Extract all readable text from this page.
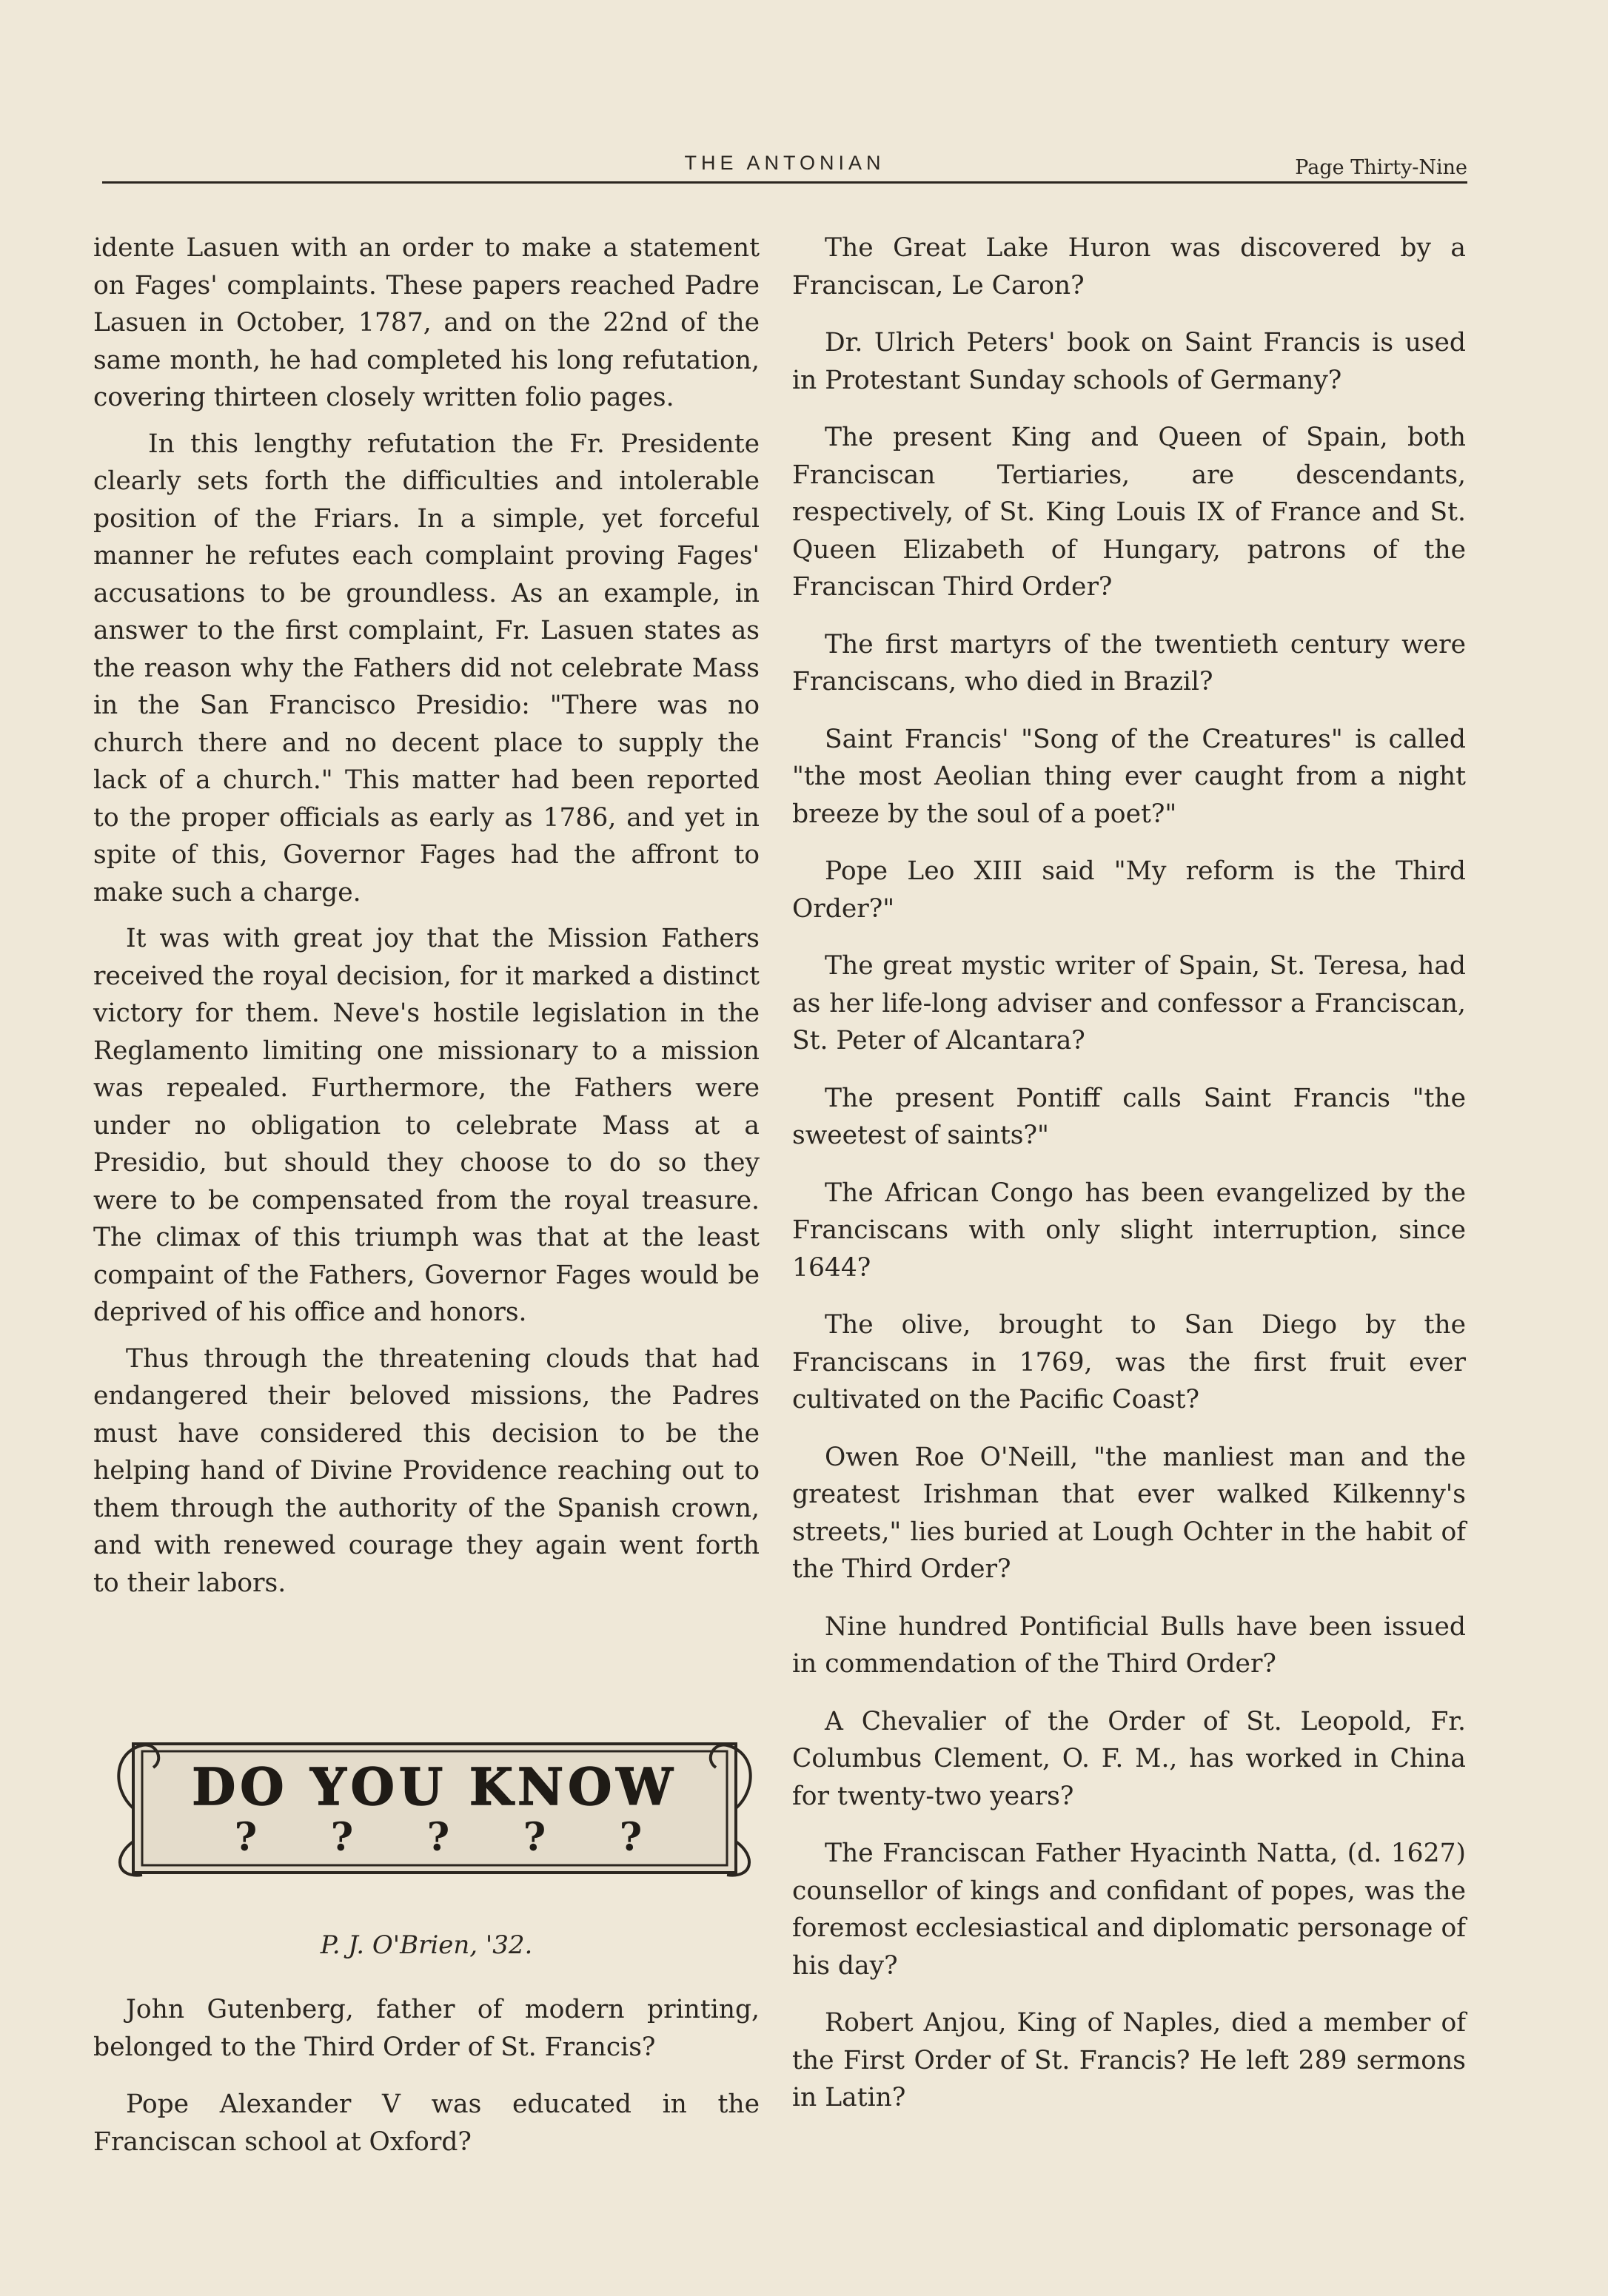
THE ANTONIAN	Page Thirty-Nine

idente Lasuen with an order to make a statement on Fages' complaints. These papers reached Padre Lasuen in October, 1787, and on the 22nd of the same month, he had completed his long refutation, covering thirteen closely written folio pages.

In this lengthy refutation the Fr. Presidente clearly sets forth the difficulties and intolerable position of the Friars. In a simple, yet forceful manner he refutes each complaint proving Fages' accusations to be groundless. As an example, in answer to the first complaint, Fr. Lasuen states as the reason why the Fathers did not celebrate Mass in the San Francisco Presidio: "There was no church there and no decent place to supply the lack of a church." This matter had been reported to the proper officials as early as 1786, and yet in spite of this, Governor Fages had the affront to make such a charge.

It was with great joy that the Mission Fathers received the royal decision, for it marked a distinct victory for them. Neve's hostile legislation in the Reglamento limiting one missionary to a mission was repealed. Furthermore, the Fathers were under no obligation to celebrate Mass at a Presidio, but should they choose to do so they were to be compensated from the royal treasure. The climax of this triumph was that at the least compaint of the Fathers, Governor Fages would be deprived of his office and honors.

Thus through the threatening clouds that had endangered their beloved missions, the Padres must have considered this decision to be the helping hand of Divine Providence reaching out to them through the authority of the Spanish crown, and with renewed courage they again went forth to their labors.

DO YOU KNOW
? ? ? ? ?
P. J. O'Brien, '32.

John Gutenberg, father of modern printing, belonged to the Third Order of St. Francis?

Pope Alexander V was educated in the Franciscan school at Oxford?

The Great Lake Huron was discovered by a Franciscan, Le Caron?

Dr. Ulrich Peters' book on Saint Francis is used in Protestant Sunday schools of Germany?

The present King and Queen of Spain, both Franciscan Tertiaries, are descendants, respectively, of St. King Louis IX of France and St. Queen Elizabeth of Hungary, patrons of the Franciscan Third Order?

The first martyrs of the twentieth century were Franciscans, who died in Brazil?

Saint Francis' "Song of the Creatures" is called "the most Aeolian thing ever caught from a night breeze by the soul of a poet?"

Pope Leo XIII said "My reform is the Third Order?"

The great mystic writer of Spain, St. Teresa, had as her life-long adviser and confessor a Franciscan, St. Peter of Alcantara?

The present Pontiff calls Saint Francis "the sweetest of saints?"

The African Congo has been evangelized by the Franciscans with only slight interruption, since 1644?

The olive, brought to San Diego by the Franciscans in 1769, was the first fruit ever cultivated on the Pacific Coast?

Owen Roe O'Neill, "the manliest man and the greatest Irishman that ever walked Kilkenny's streets," lies buried at Lough Ochter in the habit of the Third Order?

Nine hundred Pontificial Bulls have been issued in commendation of the Third Order?

A Chevalier of the Order of St. Leopold, Fr. Columbus Clement, O. F. M., has worked in China for twenty-two years?

The Franciscan Father Hyacinth Natta, (d. 1627) counsellor of kings and confidant of popes, was the foremost ecclesiastical and diplomatic personage of his day?

Robert Anjou, King of Naples, died a member of the First Order of St. Francis? He left 289 sermons in Latin?
